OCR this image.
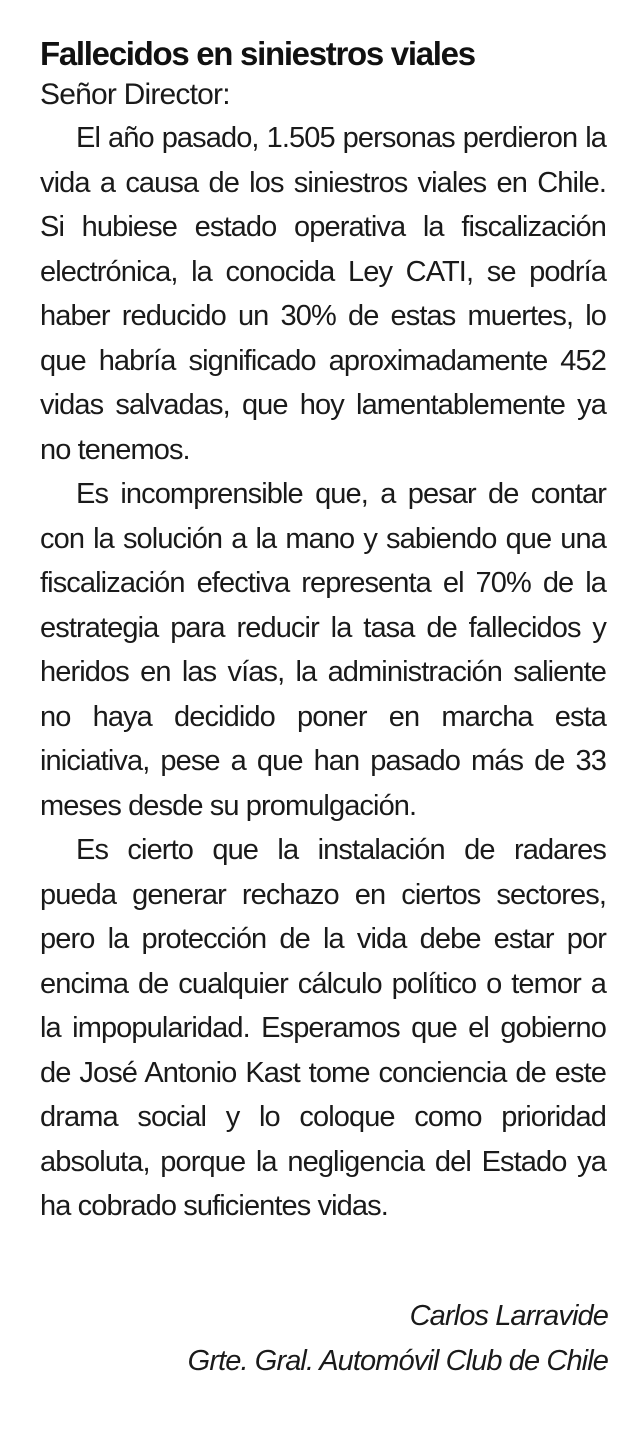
Fallecidos en siniestros viales

Señor Director:

El año pasado, 1.505 personas perdieron la vida a causa de los siniestros viales en Chile. Si hubiese estado operativa la fiscalización electrónica, la conocida Ley CATI, se podría haber reducido un 30% de estas muertes, lo que habría significado aproximadamente 452 vidas salvadas, que hoy lamentablemente ya no tenemos.

Es incomprensible que, a pesar de contar con la solución a la mano y sabiendo que una fiscalización efectiva representa el 70% de la estrategia para reducir la tasa de fallecidos y heridos en las vías, la administración saliente no haya decidido poner en marcha esta iniciativa, pese a que han pasado más de 33 meses desde su promulgación.

Es cierto que la instalación de radares pueda generar rechazo en ciertos sectores, pero la protección de la vida debe estar por encima de cualquier cálculo político o temor a la impopularidad. Esperamos que el gobierno de José Antonio Kast tome conciencia de este drama social y lo coloque como prioridad absoluta, porque la negligencia del Estado ya ha cobrado suficientes vidas.

Carlos Larravide
Grte. Gral. Automóvil Club de Chile
